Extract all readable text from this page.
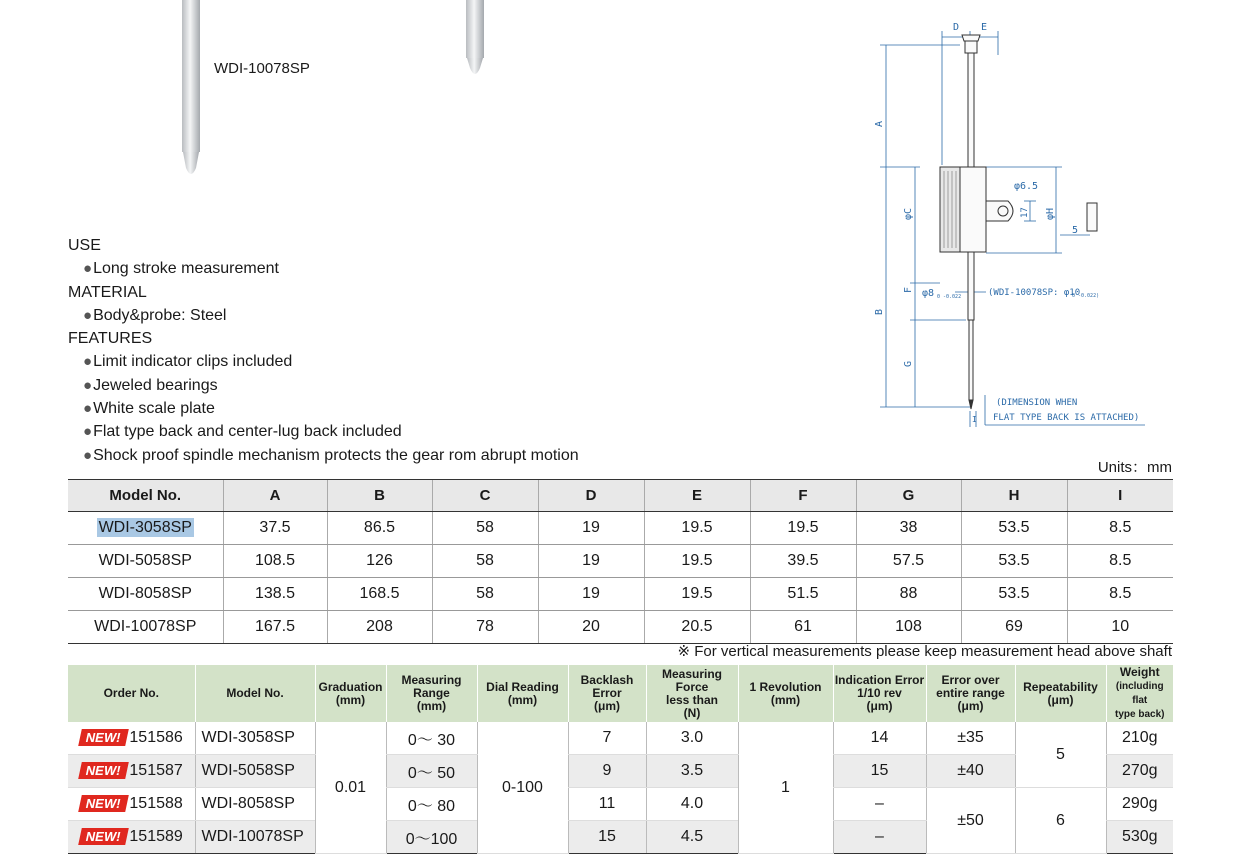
WDI-10078SP

USE

● Long stroke measurement

MATERIAL

● Body&probe: Steel

FEATURES

● Limit indicator clips included

● Jeweled bearings

● White scale plate

● Flat type back and center-lug back included

● Shock proof spindle mechanism protects the gear rom abrupt motion

D E
A
B
φC
F
G
φH
I
φ6.5
17
5
φ8 0 -0.022	(WDI-10078SP: φ10
0 -0.022)
(DIMENSION WHEN
FLAT TYPE BACK IS ATTACHED)
Units：mm
Model No.	A	B	C	D	E	F	G	H	I
WDI-3058SP	37.5	86.5	58	19	19.5	19.5	38	53.5	8.5
WDI-5058SP	108.5	126	58	19	19.5	39.5	57.5	53.5	8.5
WDI-8058SP	138.5	168.5	58	19	19.5	51.5	88	53.5	8.5
WDI-10078SP	167.5	208	78	20	20.5	61	108	69	10
※ For vertical measurements please keep measurement head above shaft
Order No.	Model No.	Graduation
(mm)	Measuring
Range
(mm)	Dial Reading
(mm)	Backlash
Error
(μm)	Measuring Force
less than
(N)	1 Revolution
(mm)	Indication Error
1/10 rev
(μm)	Error over
entire range
(μm)	Repeatability
(μm)	Weight
(including flat
type back)
NEW! 151586	WDI-3058SP	0.01	0～ 30	0-100	7	3.0	1	14	±35	5	210g
NEW! 151587	WDI-5058SP		0～ 50		9	3.5		15	±40		270g
NEW! 151588	WDI-8058SP		0～ 80		11	4.0		–	±50	6	290g
NEW! 151589	WDI-10078SP		0～100		15	4.5		–			530g
